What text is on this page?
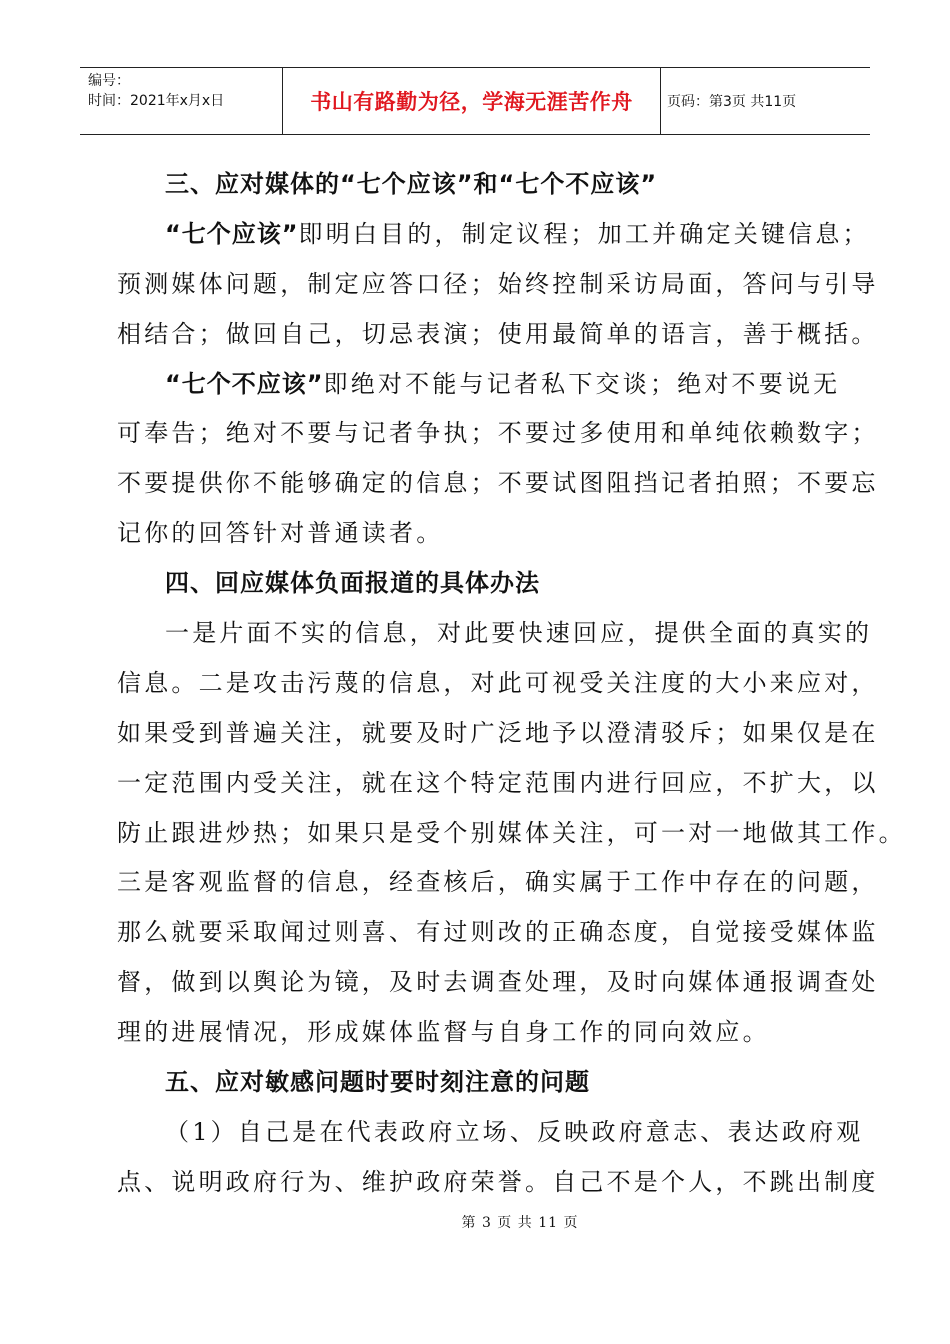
编号：
时间：2021年x月x日	书山有路勤为径，学海无涯苦作舟	页码：第3页 共11页
三、应对媒体的“七个应该”和“七个不应该”
“七个应该”即明白目的，制定议程；加工并确定关键信息；
预测媒体问题，制定应答口径；始终控制采访局面，答问与引导
相结合；做回自己，切忌表演；使用最简单的语言，善于概括。
“七个不应该”即绝对不能与记者私下交谈；绝对不要说无
可奉告；绝对不要与记者争执；不要过多使用和单纯依赖数字；
不要提供你不能够确定的信息；不要试图阻挡记者拍照；不要忘
记你的回答针对普通读者。
四、回应媒体负面报道的具体办法
一是片面不实的信息，对此要快速回应，提供全面的真实的
信息。二是攻击污蔑的信息，对此可视受关注度的大小来应对，
如果受到普遍关注，就要及时广泛地予以澄清驳斥；如果仅是在
一定范围内受关注，就在这个特定范围内进行回应，不扩大，以
防止跟进炒热；如果只是受个别媒体关注，可一对一地做其工作。
三是客观监督的信息，经查核后，确实属于工作中存在的问题，
那么就要采取闻过则喜、有过则改的正确态度，自觉接受媒体监
督，做到以舆论为镜，及时去调查处理，及时向媒体通报调查处
理的进展情况，形成媒体监督与自身工作的同向效应。
五、应对敏感问题时要时刻注意的问题
（1）自己是在代表政府立场、反映政府意志、表达政府观
点、说明政府行为、维护政府荣誉。自己不是个人，不跳出制度
第 3 页 共 11 页
